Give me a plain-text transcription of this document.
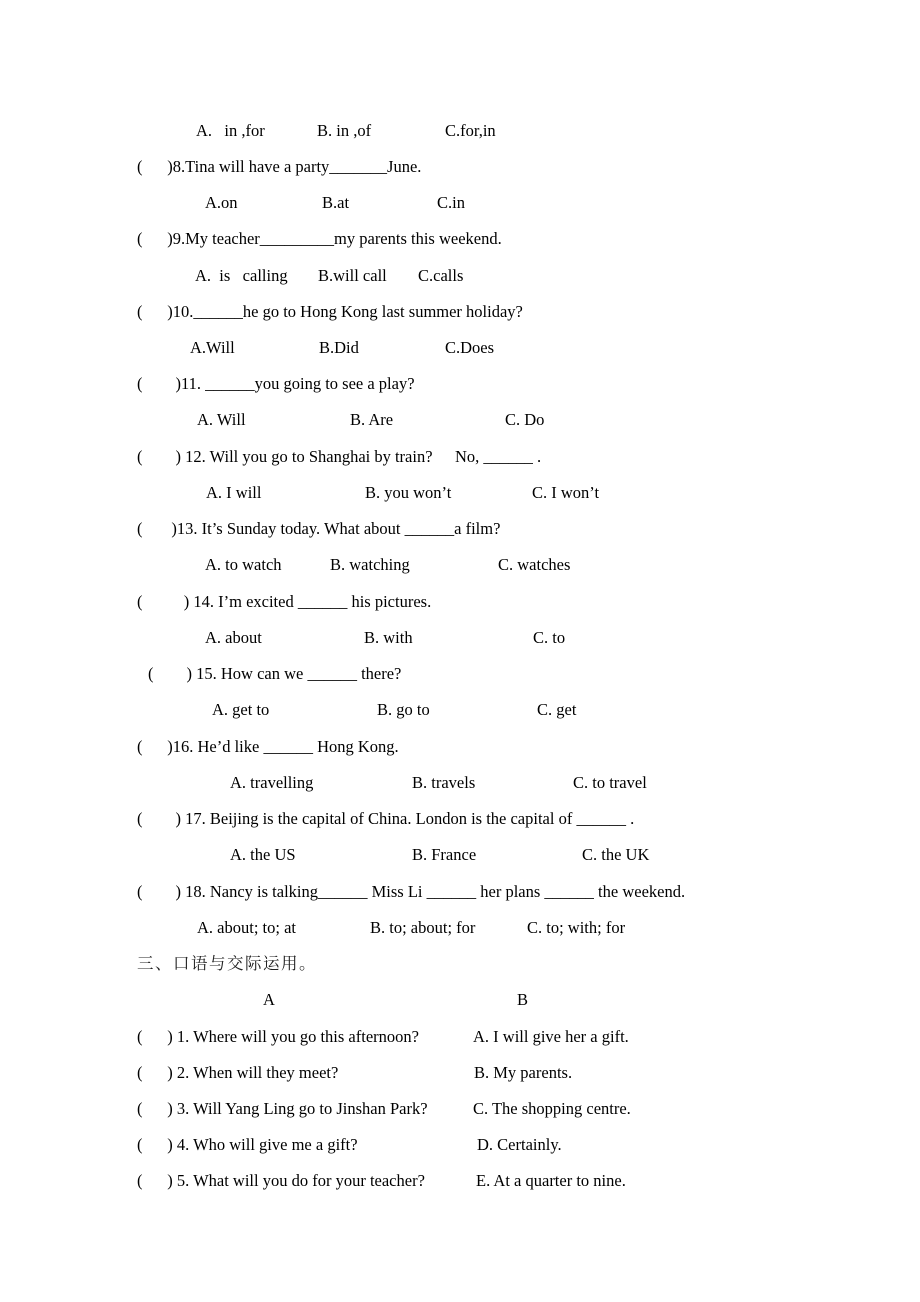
A.   in ,for	B. in ,of	C.for,in
(      )8.Tina will have a party_______June.
A.on	B.at	C.in
(      )9.My teacher_________my parents this weekend.
A.  is   calling B.will call C.calls
(      )10.______he go to Hong Kong last summer holiday?
A.Will	B.Did	C.Does
(        )11. ______you going to see a play?
A. Will	B. Are	C. Do
(        ) 12. Will you go to Shanghai by train? No, ______ .
A. I will	B. you won’t	C. I won’t
(       )13. It’s Sunday today. What about ______a film?
A. to watch	B. watching	C. watches
(          ) 14. I’m excited ______ his pictures.
A. about	B. with	C. to
(        ) 15. How can we ______ there?
A. get to	B. go to	C. get
(      )16. He’d like ______ Hong Kong.
A. travelling	B. travels	C. to travel
(        ) 17. Beijing is the capital of China. London is the capital of ______ .
A. the US	B. France	C. the UK
(        ) 18. Nancy is talking______ Miss Li ______ her plans ______ the weekend.
A. about; to; at	B. to; about; for	C. to; with; for
三、口语与交际运用。
A	B
(      ) 1. Where will you go this afternoon?	A. I will give her a gift.
(      ) 2. When will they meet?	B. My parents.
(      ) 3. Will Yang Ling go to Jinshan Park?	C. The shopping centre.
(      ) 4. Who will give me a gift?	D. Certainly.
(      ) 5. What will you do for your teacher?	E. At a quarter to nine.
